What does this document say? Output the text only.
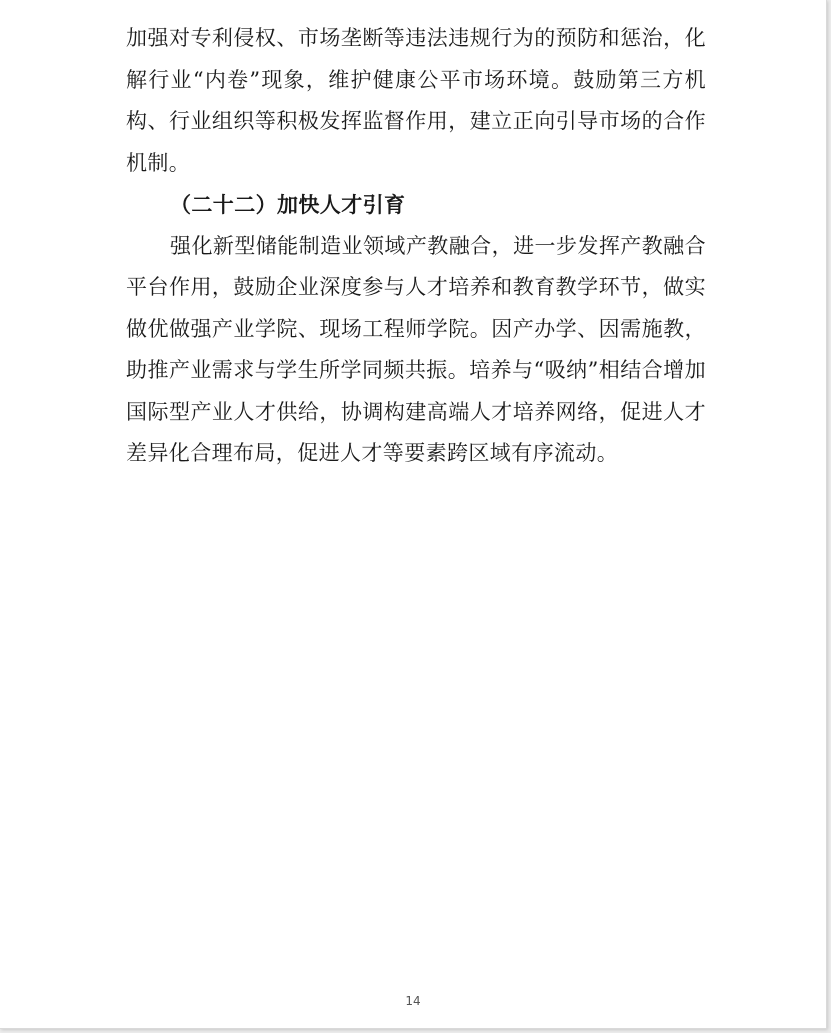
加强对专利侵权、市场垄断等违法违规行为的预防和惩治，化解行业“内卷”现象，维护健康公平市场环境。鼓励第三方机构、行业组织等积极发挥监督作用，建立正向引导市场的合作机制。

（二十二）加快人才引育

强化新型储能制造业领域产教融合，进一步发挥产教融合平台作用，鼓励企业深度参与人才培养和教育教学环节，做实做优做强产业学院、现场工程师学院。因产办学、因需施教，助推产业需求与学生所学同频共振。培养与“吸纳”相结合增加国际型产业人才供给，协调构建高端人才培养网络，促进人才差异化合理布局，促进人才等要素跨区域有序流动。

14
